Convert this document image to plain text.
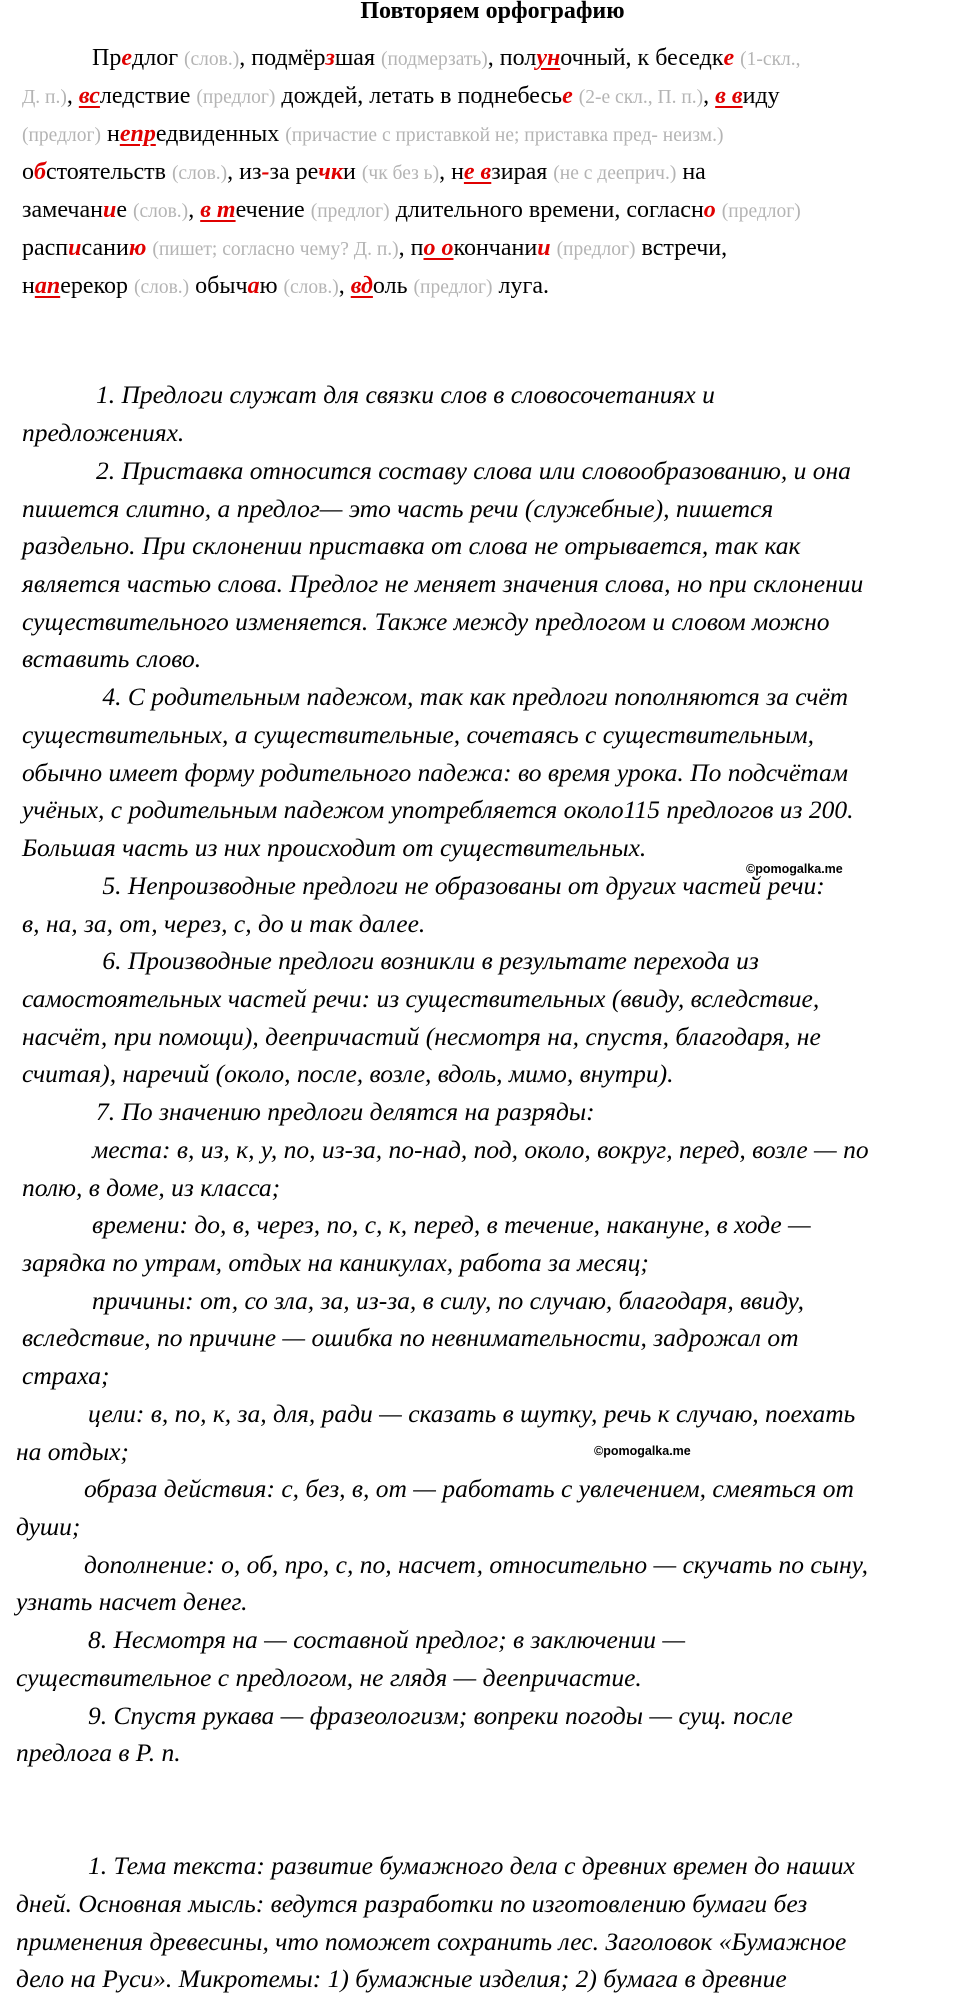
Повторяем орфографию
Предлог (слов.), подмёрзшая (подмерзать), полуночный, к беседке (1-скл.,
Д. п.), вследствие (предлог) дождей, летать в поднебесье (2-е скл., П. п.), в виду
(предлог) непредвиденных (причастие с приставкой не; приставка пред- неизм.)
обстоятельств (слов.), из-за речки (чк без ь), не взирая (не с дееприч.) на
замечание (слов.), в течение (предлог) длительного времени, согласно (предлог)
расписанию (пишет; согласно чему? Д. п.), по окончании (предлог) встречи,
наперекор (слов.) обычаю (слов.), вдоль (предлог) луга.
1. Предлоги служат для связки слов в словосочетаниях и
предложениях.
2. Приставка относится составу слова или словообразованию, и она
пишется слитно, а предлог— это часть речи (служебные), пишется
раздельно. При склонении приставка от слова не отрывается, так как
является частью слова. Предлог не меняет значения слова, но при склонении
существительного изменяется. Также между предлогом и словом можно
вставить слово.
4. С родительным падежом, так как предлоги пополняются за счёт
существительных, а существительные, сочетаясь с существительным,
обычно имеет форму родительного падежа: во время урока. По подсчётам
учёных, с родительным падежом употребляется около115 предлогов из 200.
Большая часть из них происходит от существительных.
5. Непроизводные предлоги не образованы от других частей речи:
в, на, за, от, через, с, до и так далее.
6. Производные предлоги возникли в результате перехода из
самостоятельных частей речи: из существительных (ввиду, вследствие,
насчёт, при помощи), деепричастий (несмотря на, спустя, благодаря, не
считая), наречий (около, после, возле, вдоль, мимо, внутри).
7. По значению предлоги делятся на разряды:
места: в, из, к, у, по, из-за, по-над, под, около, вокруг, перед, возле — по
полю, в доме, из класса;
времени: до, в, через, по, с, к, перед, в течение, накануне, в ходе —
зарядка по утрам, отдых на каникулах, работа за месяц;
причины: от, со зла, за, из-за, в силу, по случаю, благодаря, ввиду,
вследствие, по причине — ошибка по невнимательности, задрожал от
страха;
цели: в, по, к, за, для, ради — сказать в шутку, речь к случаю, поехать
на отдых;
образа действия: с, без, в, от — работать с увлечением, смеяться от
души;
дополнение: о, об, про, с, по, насчет, относительно — скучать по сыну,
узнать насчет денег.
8. Несмотря на — составной предлог; в заключении —
существительное с предлогом, не глядя — деепричастие.
9. Спустя рукава — фразеологизм; вопреки погоды — сущ. после
предлога в Р. п.
1. Тема текста: развитие бумажного дела с древних времен до наших
дней. Основная мысль: ведутся разработки по изготовлению бумаги без
применения древесины, что поможет сохранить лес. Заголовок «Бумажное
дело на Руси». Микротемы: 1) бумажные изделия; 2) бумага в древние
©pomogalka.me
©pomogalka.me
